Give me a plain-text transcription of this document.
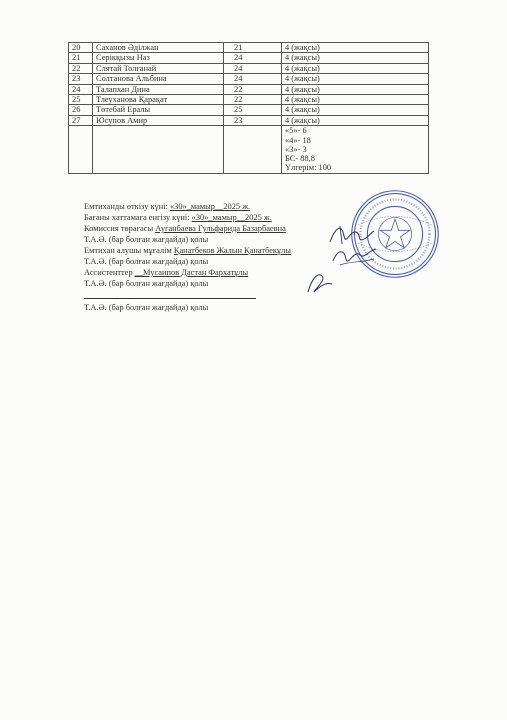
20	Саханов Әділжан	21	4 (жақсы)
21	Серікқызы Наз	24	4 (жақсы)
22	Слятай Толғанай	24	4 (жақсы)
23	Солтанова Альбина	24	4 (жақсы)
24	Талапхан Дина	22	4 (жақсы)
25	Тлеуханова Қарақат	22	4 (жақсы)
26	Төтебай Ералы	25	4 (жақсы)
27	Юсупов Амир	23	4 (жақсы)

			«5»- 6
«4»- 18
«3»- 3
БС- 88,8
Үлгерім: 100
Емтиханды өткізу күні: «30»_мамыр__2025 ж.
Бағаны хаттамаға енгізу күні: «30»_мамыр__2025 ж.
Комиссия төрағасы Ауганбаева Гульфарида Базарбаевна
Т.А.Ә. (бар болған жағдайда) қолы
Емтихан алушы мұғалім Қанатбеков Жалын Қанатбекұлы
Т.А.Ә. (бар болған жағдайда) қолы
Ассистенттер __Мусаипов Дастан Фархатұлы
Т.А.Ә. (бар болған жағдайда) қолы
Т.А.Ә. (бар болған жағдайда) қолы
